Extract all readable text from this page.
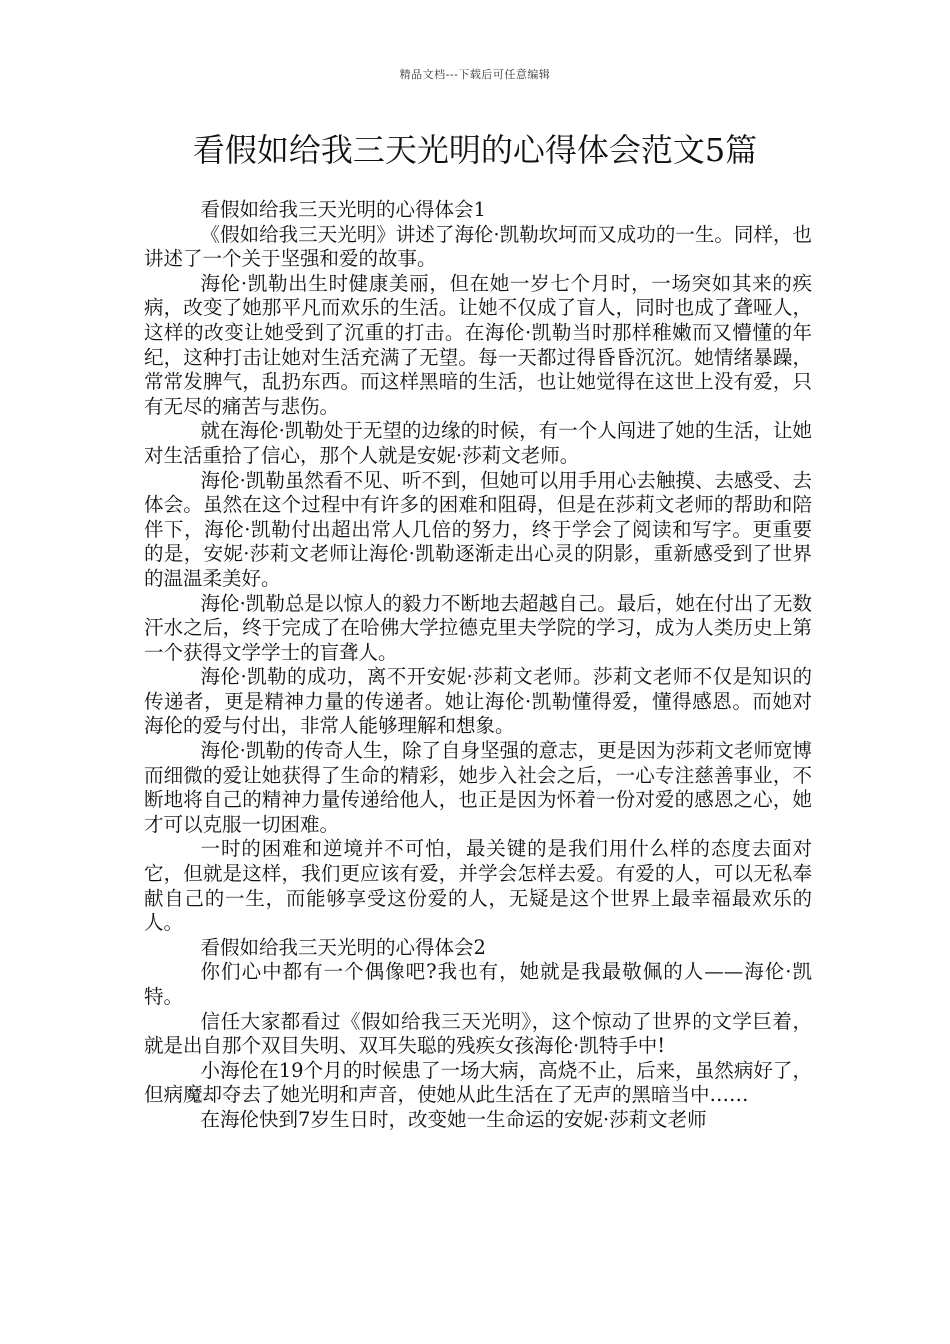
精品文档---下载后可任意编辑
看假如给我三天光明的心得体会范文5篇

看假如给我三天光明的心得体会1

《假如给我三天光明》讲述了海伦·凯勒坎坷而又成功的一生。同样，也讲述了一个关于坚强和爱的故事。

海伦·凯勒出生时健康美丽，但在她一岁七个月时，一场突如其来的疾病，改变了她那平凡而欢乐的生活。让她不仅成了盲人，同时也成了聋哑人，这样的改变让她受到了沉重的打击。在海伦·凯勒当时那样稚嫩而又懵懂的年纪，这种打击让她对生活充满了无望。每一天都过得昏昏沉沉。她情绪暴躁，常常发脾气，乱扔东西。而这样黑暗的生活，也让她觉得在这世上没有爱，只有无尽的痛苦与悲伤。

就在海伦·凯勒处于无望的边缘的时候，有一个人闯进了她的生活，让她对生活重拾了信心，那个人就是安妮·莎莉文老师。

海伦·凯勒虽然看不见、听不到，但她可以用手用心去触摸、去感受、去体会。虽然在这个过程中有许多的困难和阻碍，但是在莎莉文老师的帮助和陪伴下，海伦·凯勒付出超出常人几倍的努力，终于学会了阅读和写字。更重要的是，安妮·莎莉文老师让海伦·凯勒逐渐走出心灵的阴影，重新感受到了世界的温温柔美好。

海伦·凯勒总是以惊人的毅力不断地去超越自己。最后，她在付出了无数汗水之后，终于完成了在哈佛大学拉德克里夫学院的学习，成为人类历史上第一个获得文学学士的盲聋人。

海伦·凯勒的成功，离不开安妮·莎莉文老师。莎莉文老师不仅是知识的传递者，更是精神力量的传递者。她让海伦·凯勒懂得爱，懂得感恩。而她对海伦的爱与付出，非常人能够理解和想象。

海伦·凯勒的传奇人生，除了自身坚强的意志，更是因为莎莉文老师宽博而细微的爱让她获得了生命的精彩，她步入社会之后，一心专注慈善事业，不断地将自己的精神力量传递给他人，也正是因为怀着一份对爱的感恩之心，她才可以克服一切困难。

一时的困难和逆境并不可怕，最关键的是我们用什么样的态度去面对它，但就是这样，我们更应该有爱，并学会怎样去爱。有爱的人，可以无私奉献自己的一生，而能够享受这份爱的人，无疑是这个世界上最幸福最欢乐的人。

看假如给我三天光明的心得体会2

你们心中都有一个偶像吧?我也有，她就是我最敬佩的人——海伦·凯特。

信任大家都看过《假如给我三天光明》，这个惊动了世界的文学巨着，就是出自那个双目失明、双耳失聪的残疾女孩海伦·凯特手中!

小海伦在19个月的时候患了一场大病，高烧不止，后来，虽然病好了，但病魔却夺去了她光明和声音，使她从此生活在了无声的黑暗当中……

在海伦快到7岁生日时，改变她一生命运的安妮·莎莉文老师
